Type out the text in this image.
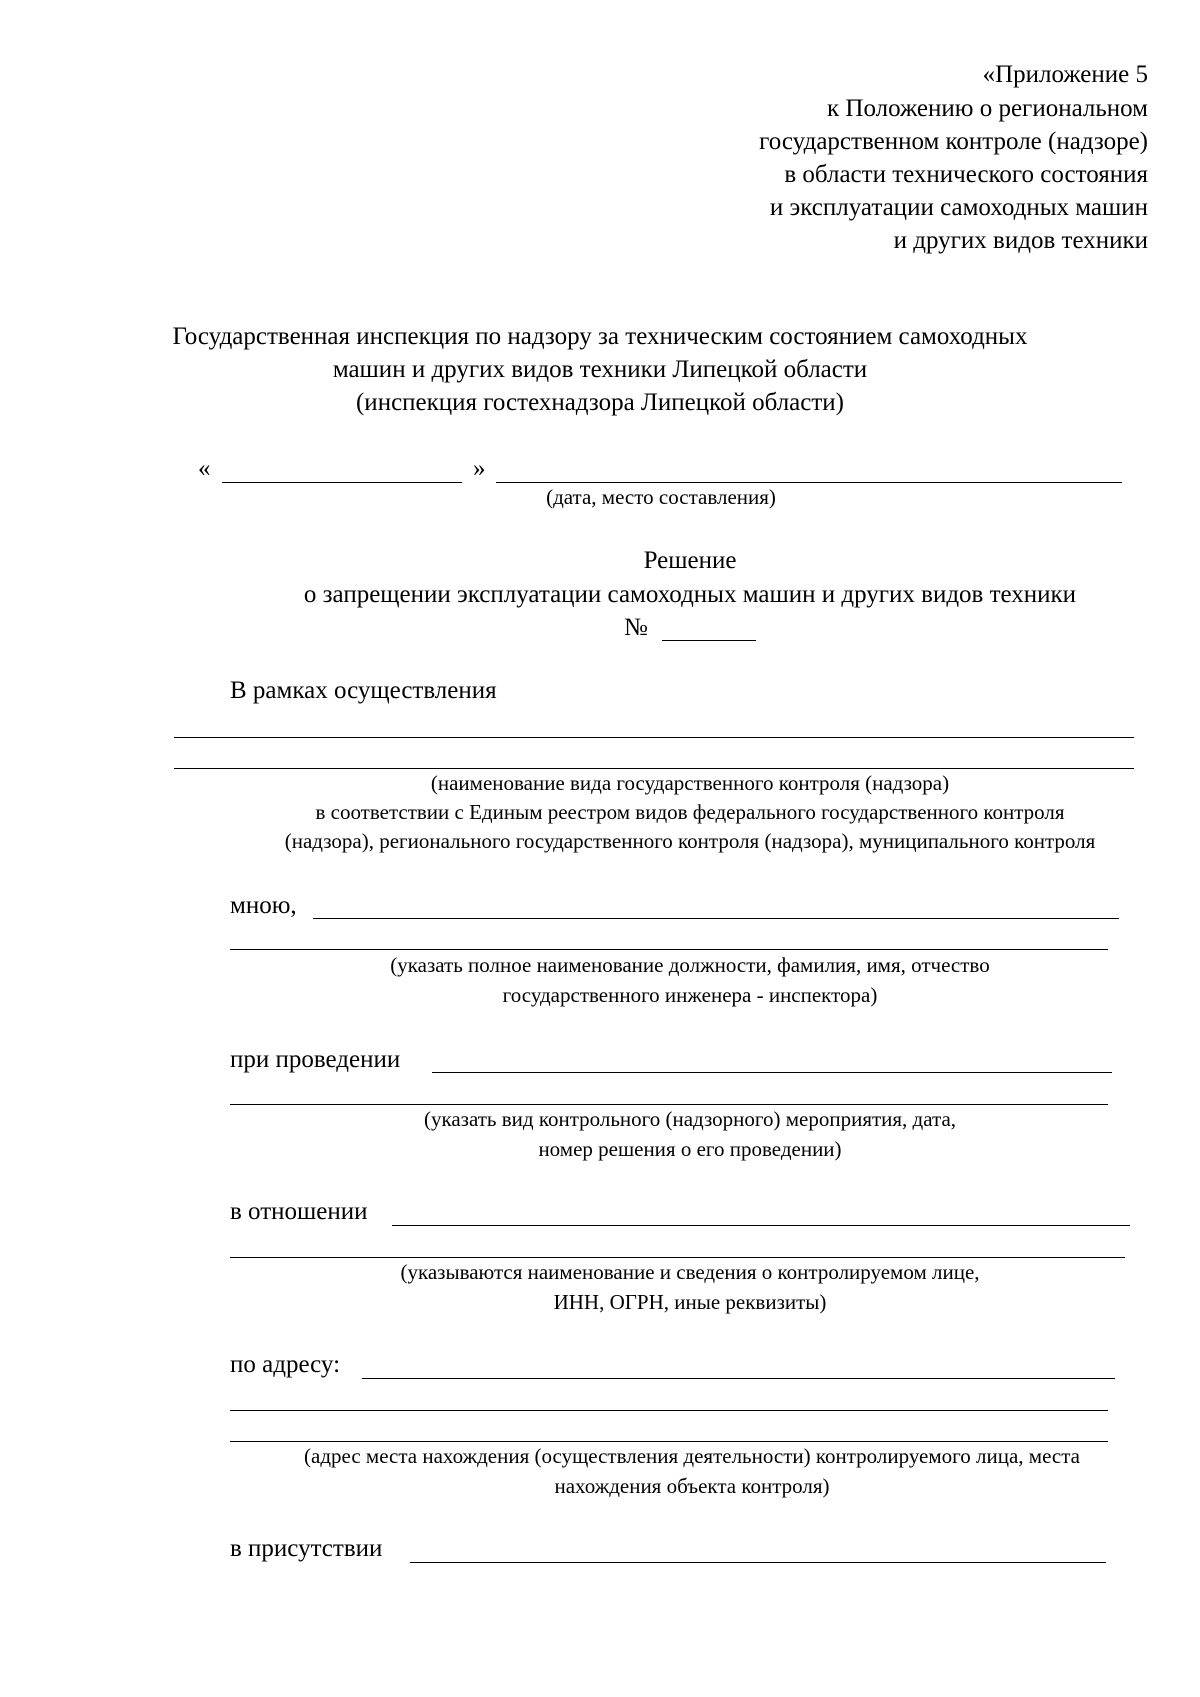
«Приложение 5
к Положению о региональном
государственном контроле (надзоре)
в области технического состояния
и эксплуатации самоходных машин
и других видов техники
Государственная инспекция по надзору за техническим состоянием самоходных
машин и других видов техники Липецкой области
(инспекция гостехнадзора Липецкой области)
«	»
(дата, место составления)
Решение
о запрещении эксплуатации самоходных машин и других видов техники
№
В рамках осуществления
(наименование вида государственного контроля (надзора)
в соответствии с Единым реестром видов федерального государственного контроля
(надзора), регионального государственного контроля (надзора), муниципального контроля
мною,
(указать полное наименование должности, фамилия, имя, отчество
государственного инженера - инспектора)
при проведении
(указать вид контрольного (надзорного) мероприятия, дата,
номер решения о его проведении)
в отношении
(указываются наименование и сведения о контролируемом лице,
ИНН, ОГРН, иные реквизиты)
по адресу:
(адрес места нахождения (осуществления деятельности) контролируемого лица, места
нахождения объекта контроля)
в присутствии
